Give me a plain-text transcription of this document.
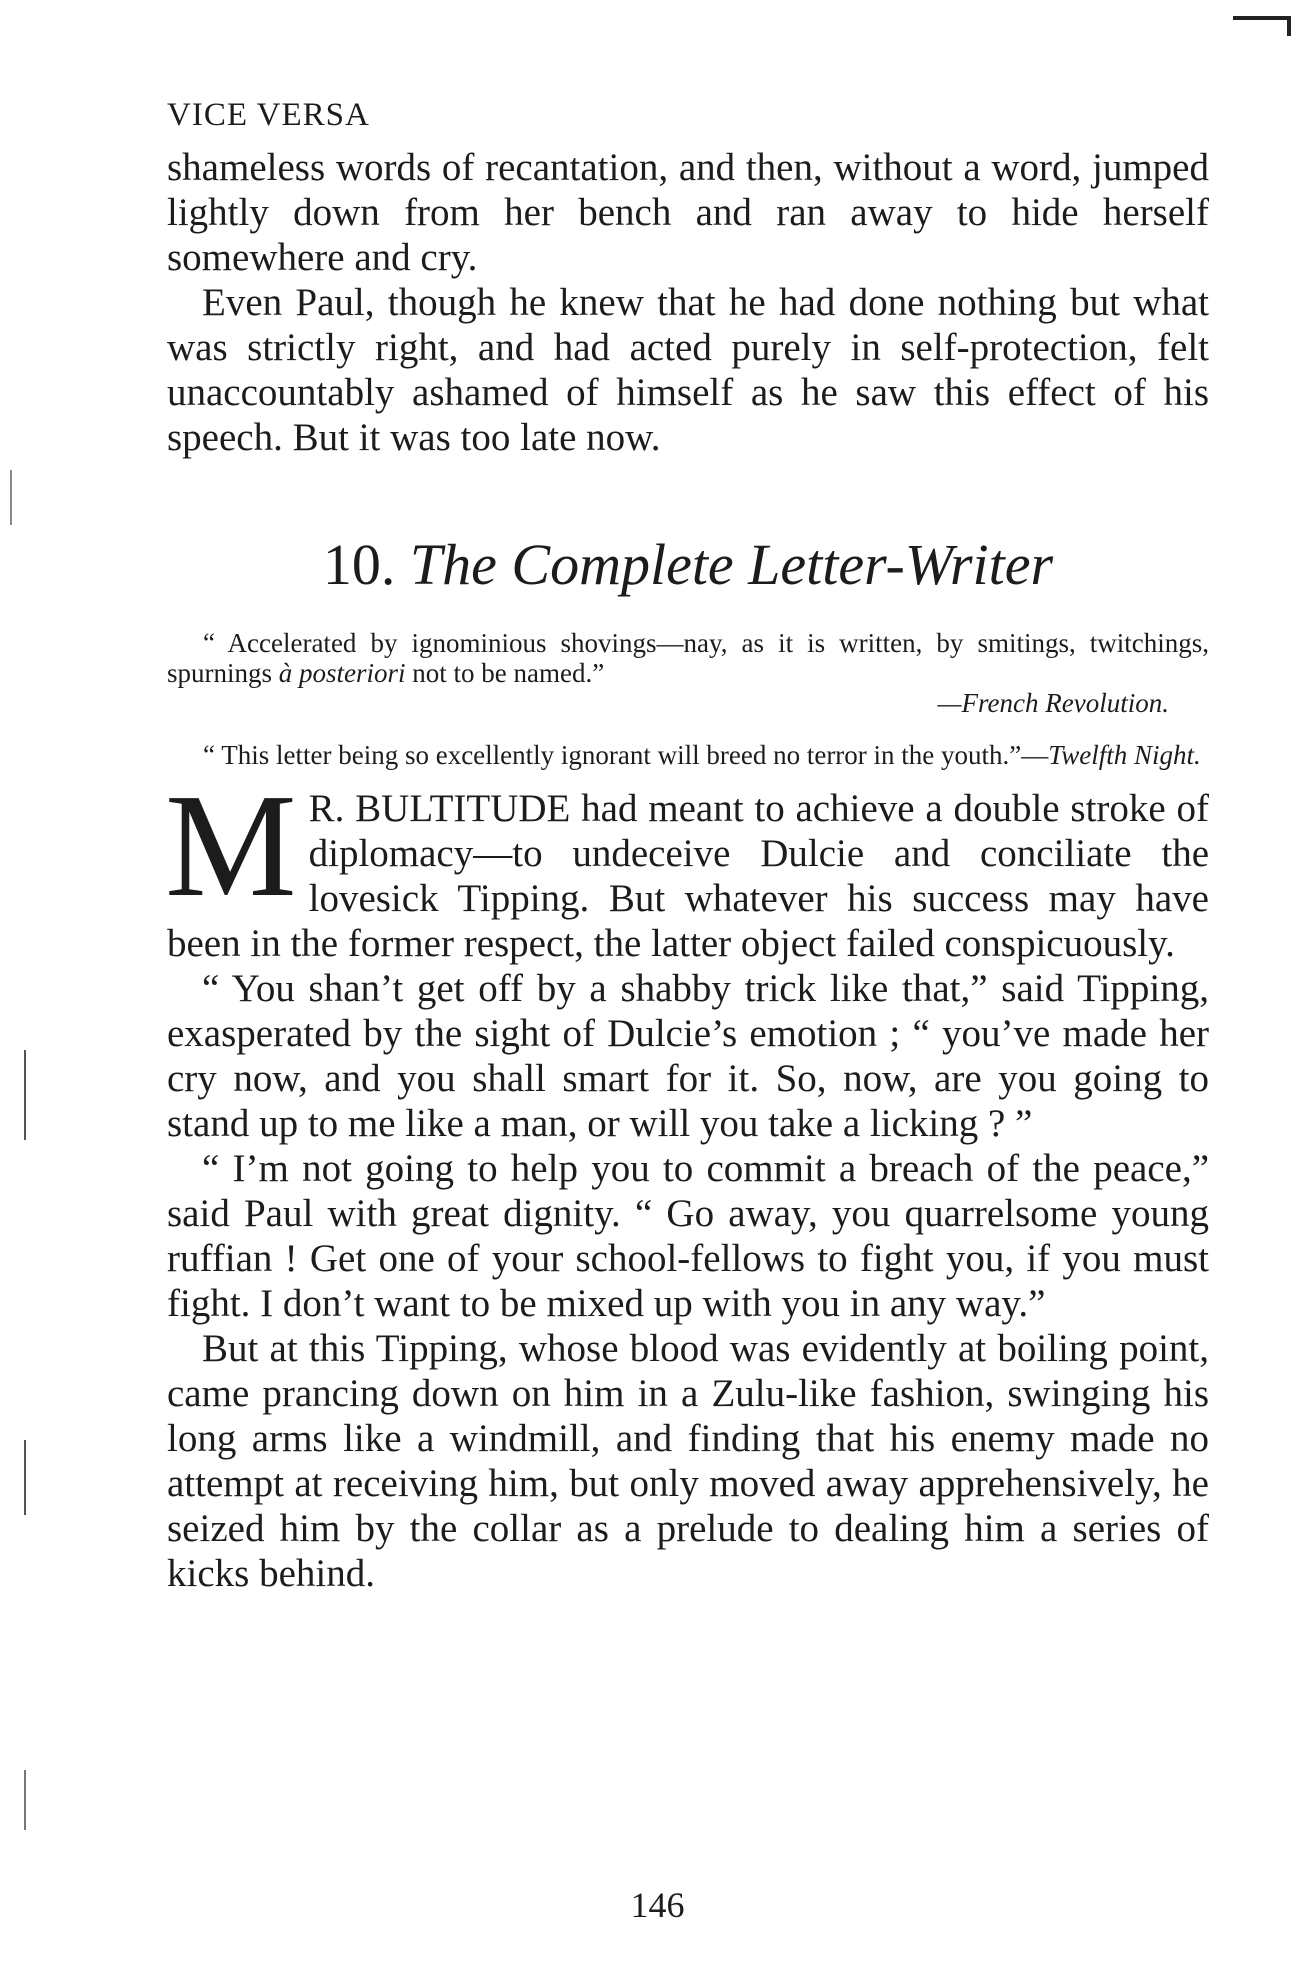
VICE VERSA

shameless words of recantation, and then, without a word, jumped lightly down from her bench and ran away to hide herself somewhere and cry.

Even Paul, though he knew that he had done nothing but what was strictly right, and had acted purely in self-protection, felt unaccountably ashamed of himself as he saw this effect of his speech. But it was too late now.

10. The Complete Letter-Writer

“ Accelerated by ignominious shovings—nay, as it is written, by smitings, twitchings, spurnings à posteriori not to be named.”

—French Revolution.

“ This letter being so excellently ignorant will breed no terror in the youth.”—Twelfth Night.

M R. BULTITUDE had meant to achieve a double stroke of diplomacy—to undeceive Dulcie and conciliate the lovesick Tipping. But whatever his success may have been in the former respect, the latter object failed conspicuously.

“ You shan’t get off by a shabby trick like that,” said Tipping, exasperated by the sight of Dulcie’s emotion ; “ you’ve made her cry now, and you shall smart for it. So, now, are you going to stand up to me like a man, or will you take a licking ? ”

“ I’m not going to help you to commit a breach of the peace,” said Paul with great dignity. “ Go away, you quarrelsome young ruffian ! Get one of your school-fellows to fight you, if you must fight. I don’t want to be mixed up with you in any way.”

But at this Tipping, whose blood was evidently at boiling point, came prancing down on him in a Zulu-like fashion, swinging his long arms like a windmill, and finding that his enemy made no attempt at receiving him, but only moved away apprehensively, he seized him by the collar as a prelude to dealing him a series of kicks behind.

146
